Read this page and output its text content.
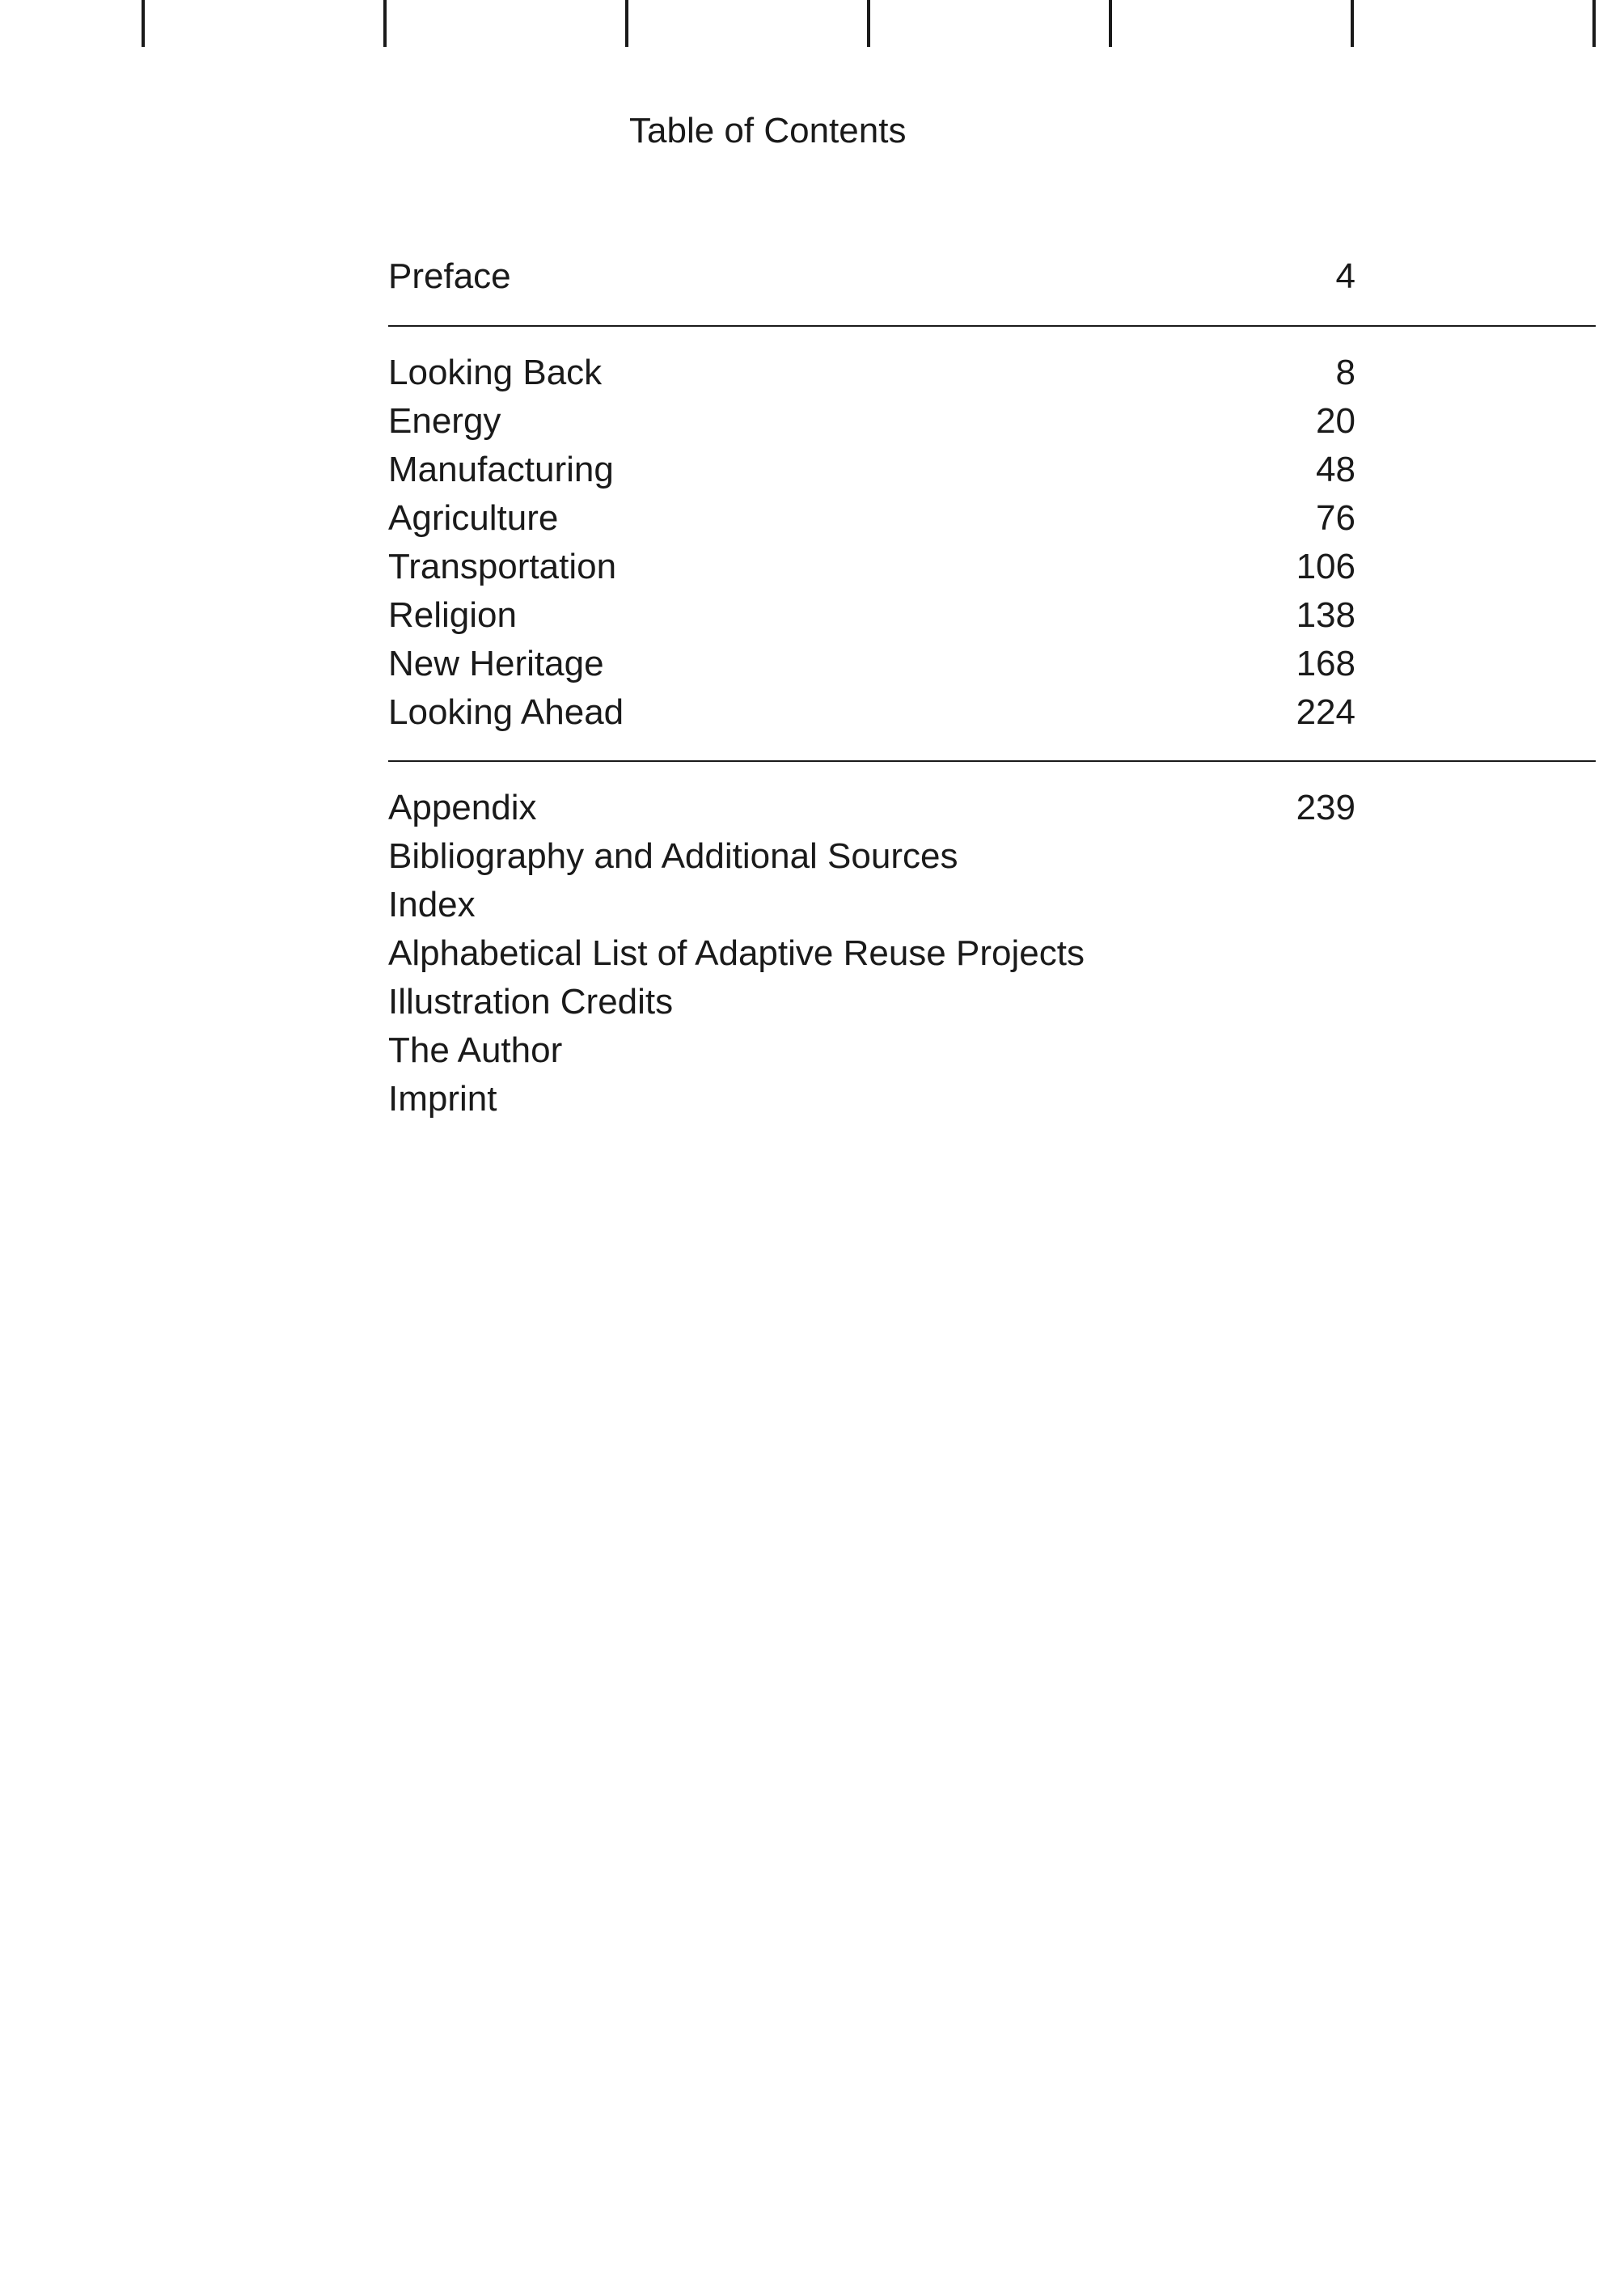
Table of Contents
Preface	4
Looking Back	8
Energy	20
Manufacturing	48
Agriculture	76
Transportation	106
Religion	138
New Heritage	168
Looking Ahead	224
Appendix	239
Bibliography and Additional Sources
Index
Alphabetical List of Adaptive Reuse Projects
Illustration Credits
The Author
Imprint
